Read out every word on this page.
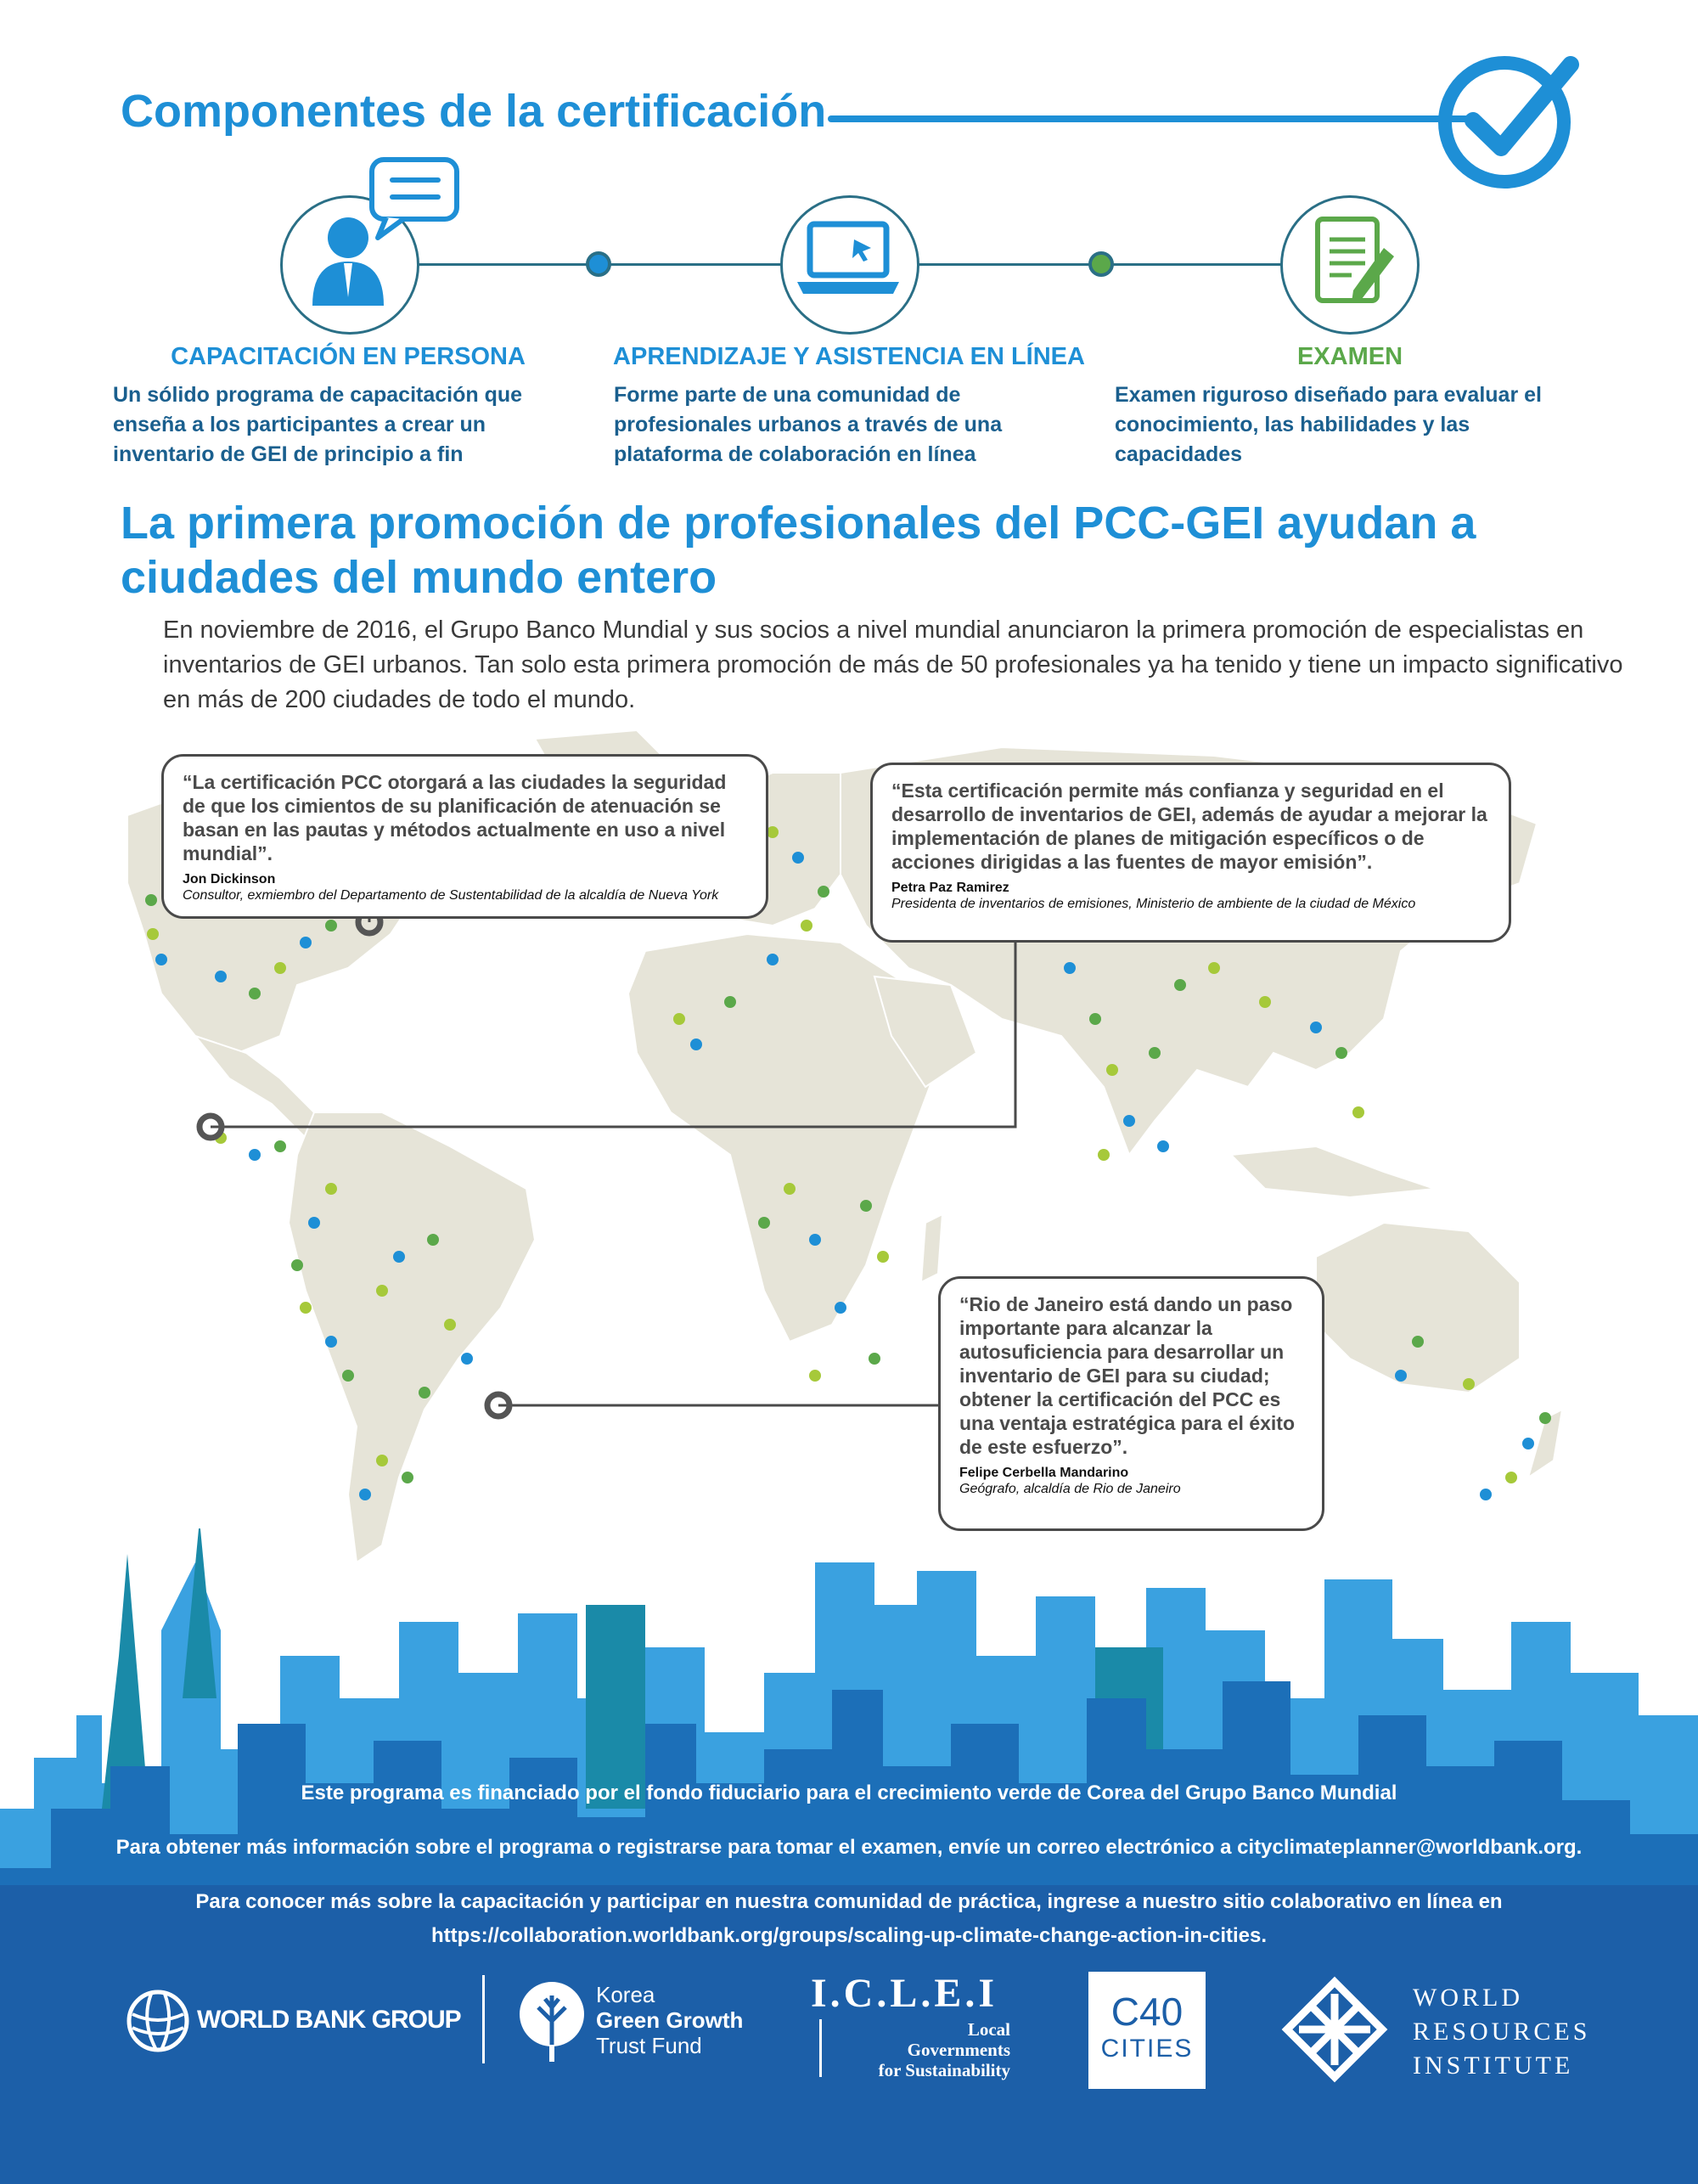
Componentes de la certificación
CAPACITACIÓN EN PERSONA
Un sólido programa de capacitación que enseña a los participantes a crear un inventario de GEI de principio a fin
APRENDIZAJE Y ASISTENCIA EN LÍNEA
Forme parte de una comunidad de profesionales urbanos a través de una plataforma de colaboración en línea
EXAMEN
Examen riguroso diseñado para evaluar el conocimiento, las habilidades y las capacidades
La primera promoción de profesionales del PCC-GEI ayudan a ciudades del mundo entero
En noviembre de 2016, el Grupo Banco Mundial y sus socios a nivel mundial anunciaron la primera promoción de especialistas en inventarios de GEI urbanos. Tan solo esta primera promoción de más de 50 profesionales ya ha tenido y tiene un impacto significativo en más de 200 ciudades de todo el mundo.
“La certificación PCC otorgará a las ciudades la seguridad de que los cimientos de su planificación de atenuación se basan en las pautas y métodos actualmente en uso a nivel mundial”.
Jon Dickinson
Consultor, exmiembro del Departamento de Sustentabilidad de la alcaldía de Nueva York
“Esta certificación permite más confianza y seguridad en el desarrollo de inventarios de GEI, además de ayudar a mejorar la implementación de planes de mitigación específicos o de acciones dirigidas a las fuentes de mayor emisión”.
Petra Paz Ramirez
Presidenta de inventarios de emisiones, Ministerio de ambiente de la ciudad de México
“Rio de Janeiro está dando un paso importante para alcanzar la autosuficiencia para desarrollar un inventario de GEI para su ciudad; obtener la certificación del PCC es una ventaja estratégica para el éxito de este esfuerzo”.
Felipe Cerbella Mandarino
Geógrafo, alcaldía de Rio de Janeiro
Este programa es financiado por el fondo fiduciario para el crecimiento verde de Corea del Grupo Banco Mundial
Para obtener más información sobre el programa o registrarse para tomar el examen, envíe un correo electrónico a cityclimateplanner@worldbank.org.
Para conocer más sobre la capacitación y participar en nuestra comunidad de práctica, ingrese a nuestro sitio colaborativo en línea en
https://collaboration.worldbank.org/groups/scaling-up-climate-change-action-in-cities.
WORLD BANK GROUP
Korea
Green Growth
Trust Fund
I.C.L.E.I
Local
Governments
for Sustainability
C40
CITIES
WORLD
RESOURCES
INSTITUTE
